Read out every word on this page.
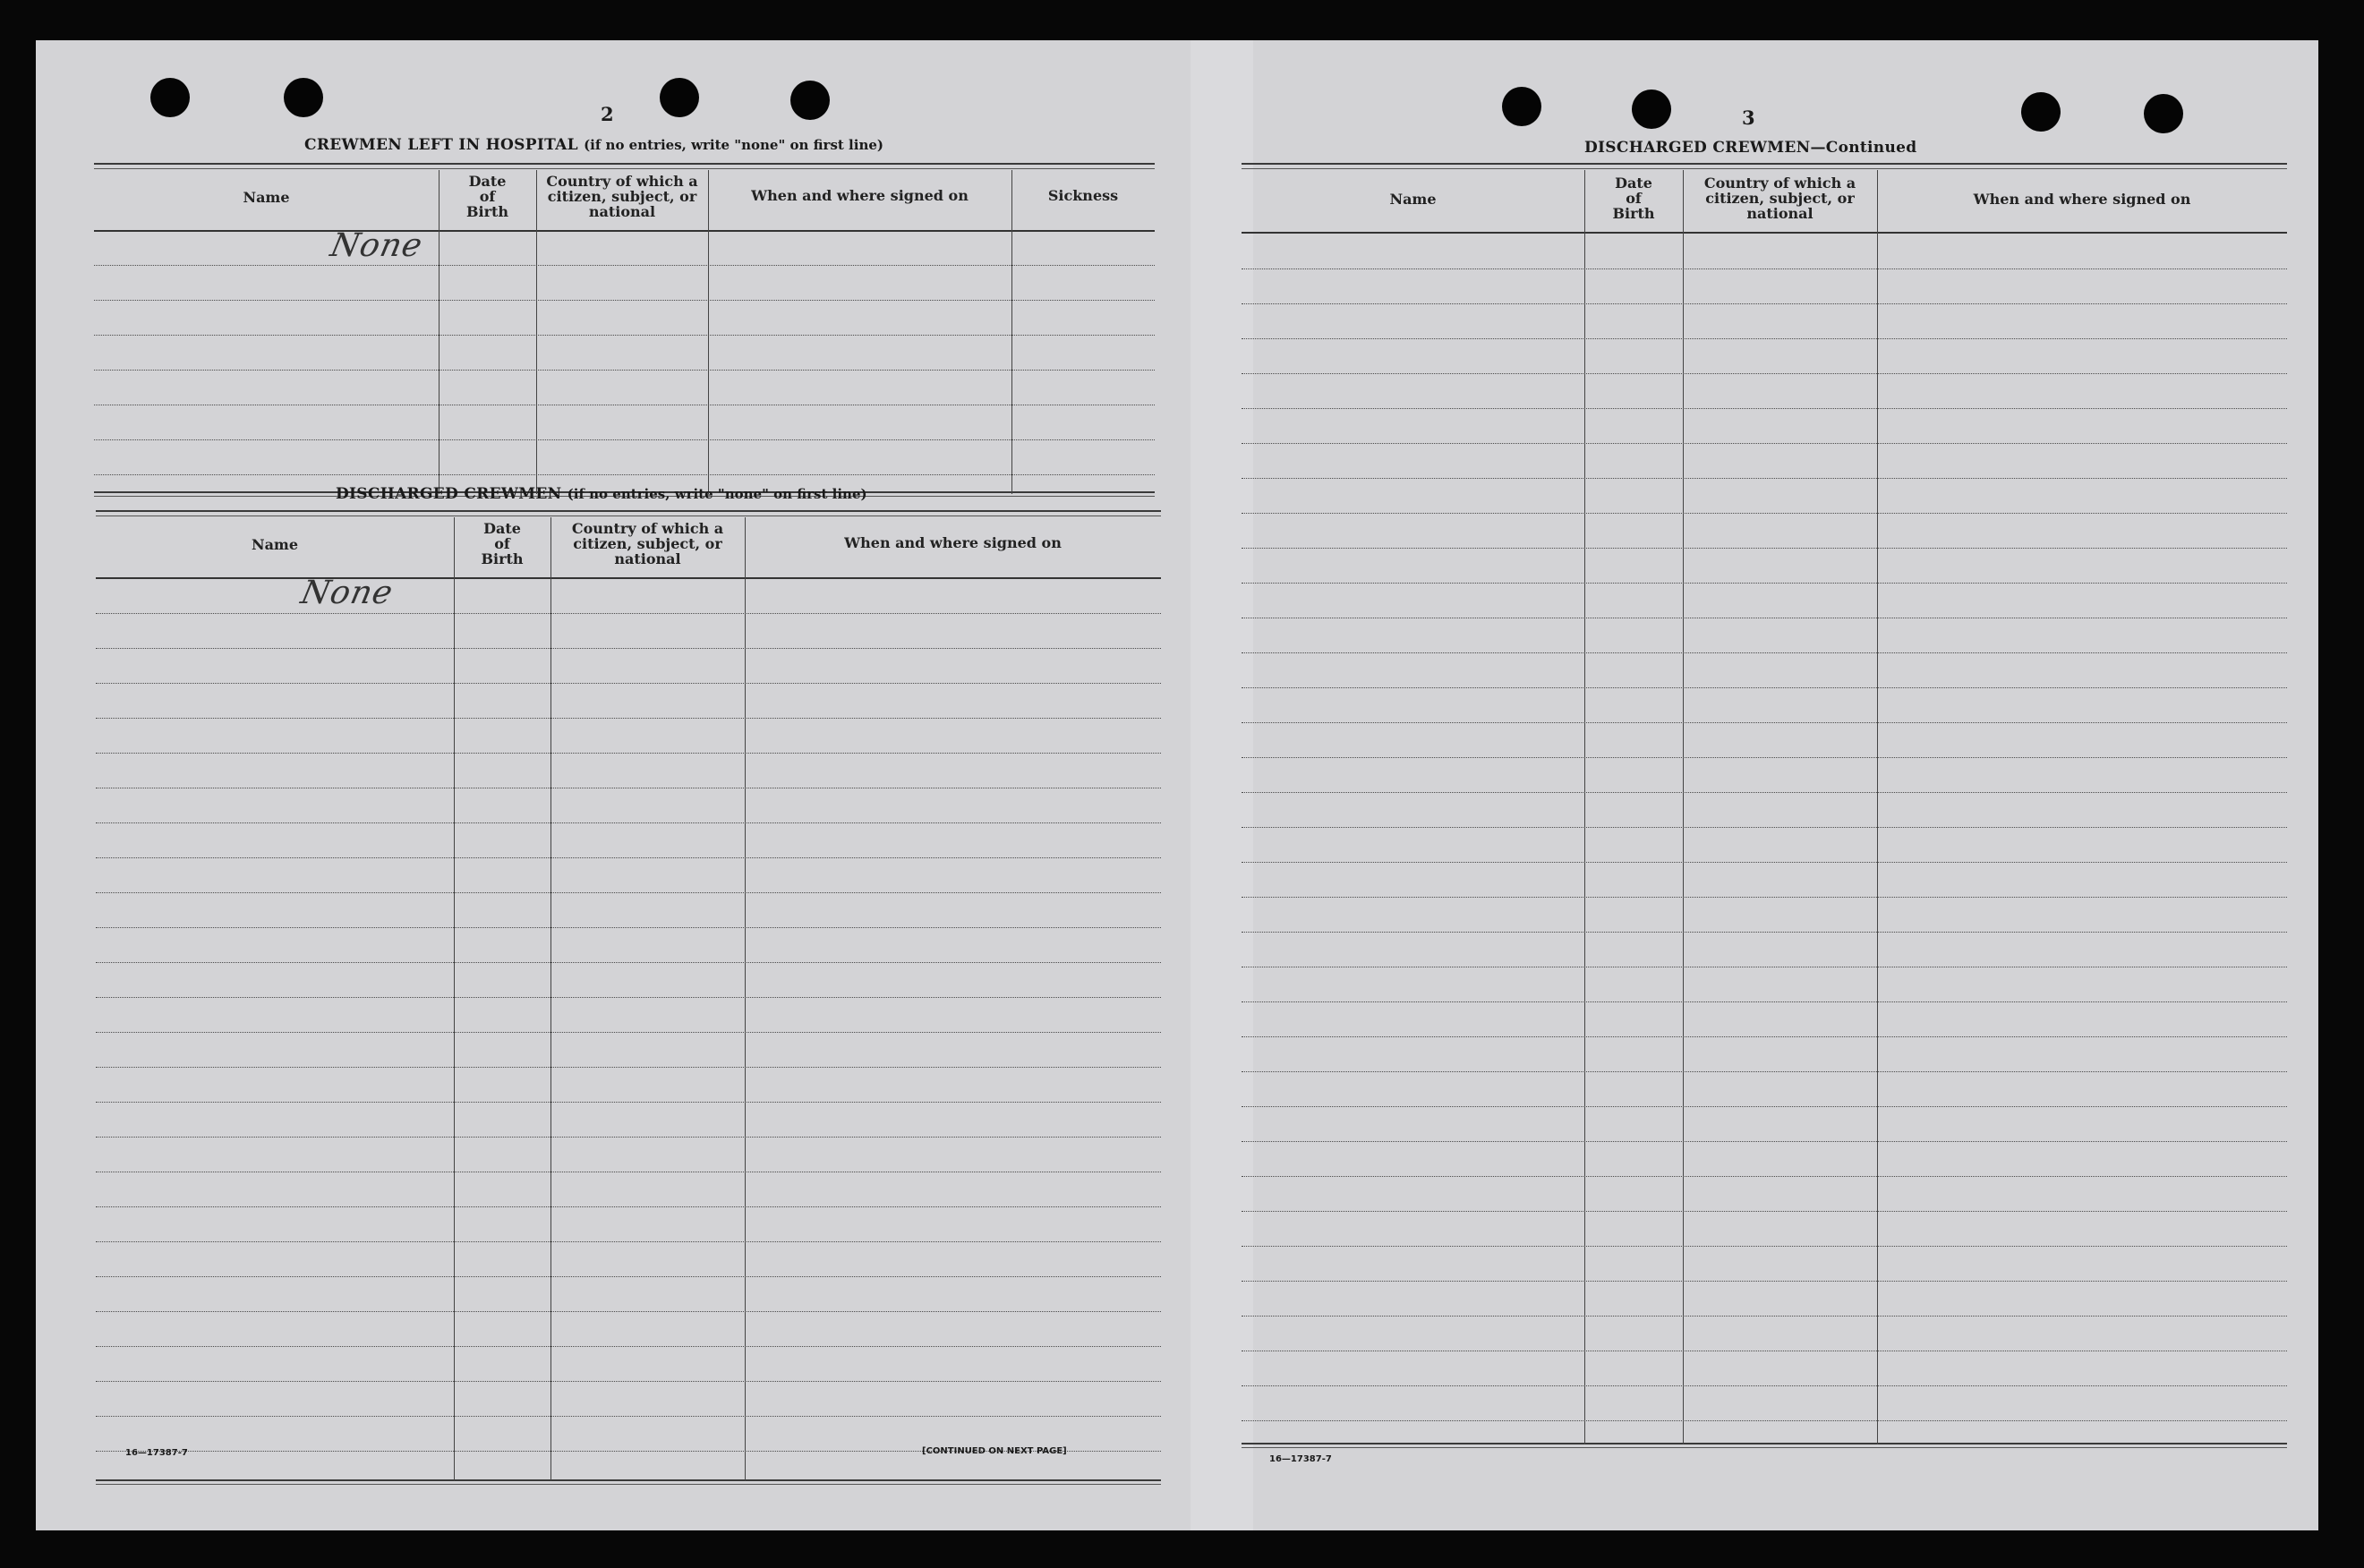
2
CREWMEN LEFT IN HOSPITAL (if no entries, write "none" on first line)
Name
Date
of
Birth
Country of which a
citizen, subject, or
national
When and where signed on	Sickness
None
DISCHARGED CREWMEN (if no entries, write "none" on first line)
Name
Date
of
Birth
Country of which a
citizen, subject, or
national
When and where signed on
None
16—17387-7	[CONTINUED ON NEXT PAGE]
3
DISCHARGED CREWMEN—Continued
Name
Date
of
Birth
Country of which a
citizen, subject, or
national
When and where signed on
16—17387-7
